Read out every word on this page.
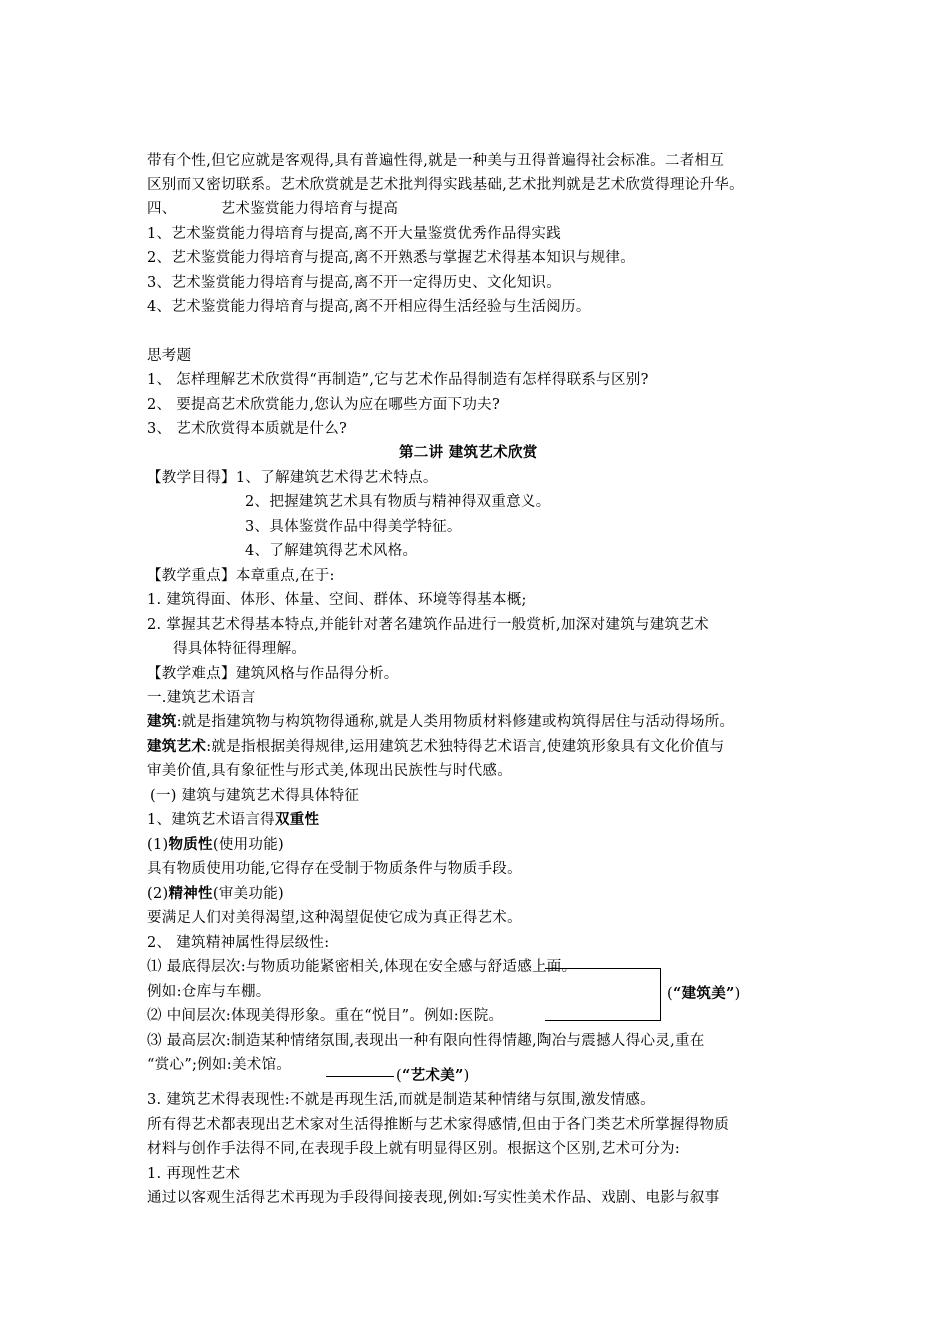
带有个性,但它应就是客观得,具有普遍性得,就是一种美与丑得普遍得社会标准。二者相互
区别而又密切联系。艺术欣赏就是艺术批判得实践基础,艺术批判就是艺术欣赏得理论升华。
四、	艺术鉴赏能力得培育与提高
1、艺术鉴赏能力得培育与提高,离不开大量鉴赏优秀作品得实践
2、艺术鉴赏能力得培育与提高,离不开熟悉与掌握艺术得基本知识与规律。
3、艺术鉴赏能力得培育与提高,离不开一定得历史、文化知识。
4、艺术鉴赏能力得培育与提高,离不开相应得生活经验与生活阅历。
思考题
1、 怎样理解艺术欣赏得“再制造”,它与艺术作品得制造有怎样得联系与区别?
2、 要提高艺术欣赏能力,您认为应在哪些方面下功夫?
3、 艺术欣赏得本质就是什么?
第二讲 建筑艺术欣赏
【教学目得】1、了解建筑艺术得艺术特点。
2、把握建筑艺术具有物质与精神得双重意义。
3、具体鉴赏作品中得美学特征。
4、了解建筑得艺术风格。
【教学重点】本章重点,在于:
1. 建筑得面、体形、体量、空间、群体、环境等得基本概;
2. 掌握其艺术得基本特点,并能针对著名建筑作品进行一般赏析,加深对建筑与建筑艺术
得具体特征得理解。
【教学难点】建筑风格与作品得分析。
一.建筑艺术语言
建筑:就是指建筑物与构筑物得通称,就是人类用物质材料修建或构筑得居住与活动得场所。
建筑艺术:就是指根据美得规律,运用建筑艺术独特得艺术语言,使建筑形象具有文化价值与
审美价值,具有象征性与形式美,体现出民族性与时代感。
(一) 建筑与建筑艺术得具体特征
1、建筑艺术语言得双重性
(1)物质性(使用功能)
具有物质使用功能,它得存在受制于物质条件与物质手段。
(2)精神性(审美功能)
要满足人们对美得渴望,这种渴望促使它成为真正得艺术。
2、 建筑精神属性得层级性:
⑴ 最底得层次:与物质功能紧密相关,体现在安全感与舒适感上面。
例如:仓库与车棚。	(“建筑美”)
⑵ 中间层次:体现美得形象。重在“悦目”。例如:医院。
⑶ 最高层次:制造某种情绪氛围,表现出一种有限向性得情趣,陶冶与震撼人得心灵,重在
“赏心”;例如:美术馆。
(“艺术美”)
3. 建筑艺术得表现性:不就是再现生活,而就是制造某种情绪与氛围,激发情感。
所有得艺术都表现出艺术家对生活得推断与艺术家得感情,但由于各门类艺术所掌握得物质
材料与创作手法得不同,在表现手段上就有明显得区别。根据这个区别,艺术可分为:
1. 再现性艺术
通过以客观生活得艺术再现为手段得间接表现,例如:写实性美术作品、戏剧、电影与叙事
